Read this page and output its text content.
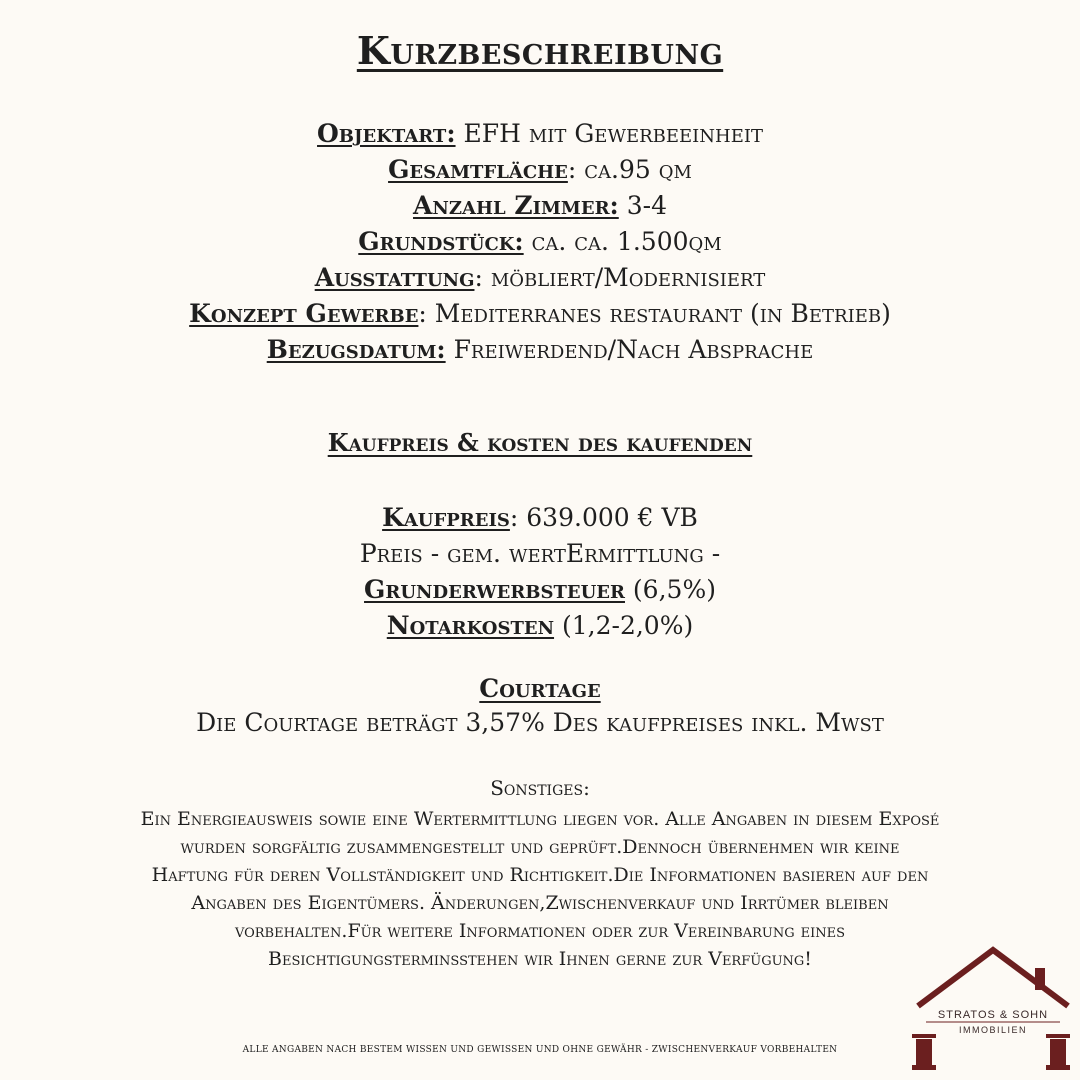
Kurzbeschreibung
Objektart: EFH mit Gewerbeeinheit
Gesamtfläche: ca.95 qm
Anzahl Zimmer: 3-4
Grundstück: ca. ca. 1.500qm
Ausstattung: möbliert/Modernisiert
Konzept Gewerbe: Mediterranes restaurant (in Betrieb)
Bezugsdatum: Freiwerdend/Nach Absprache
Kaufpreis & kosten des kaufenden
Kaufpreis: 639.000 € VB
Preis - gem. wertErmittlung -
Grunderwerbsteuer (6,5%)
Notarkosten (1,2-2,0%)
Courtage
Die Courtage beträgt 3,57% Des kaufpreises inkl. Mwst
Sonstiges:
Ein Energieausweis sowie eine Wertermittlung liegen vor. Alle Angaben in diesem Exposé
wurden sorgfältig zusammengestellt und geprüft.Dennoch übernehmen wir keine
Haftung für deren Vollständigkeit und Richtigkeit.Die Informationen basieren auf den
Angaben des Eigentümers. Änderungen,Zwischenverkauf und Irrtümer bleiben
vorbehalten.Für weitere Informationen oder zur Vereinbarung eines
Besichtigungsterminsstehen wir Ihnen gerne zur Verfügung!
ALLE ANGABEN NACH BESTEM WISSEN UND GEWISSEN UND OHNE GEWÄHR - ZWISCHENVERKAUF VORBEHALTEN
STRATOS & SOHN
IMMOBILIEN
